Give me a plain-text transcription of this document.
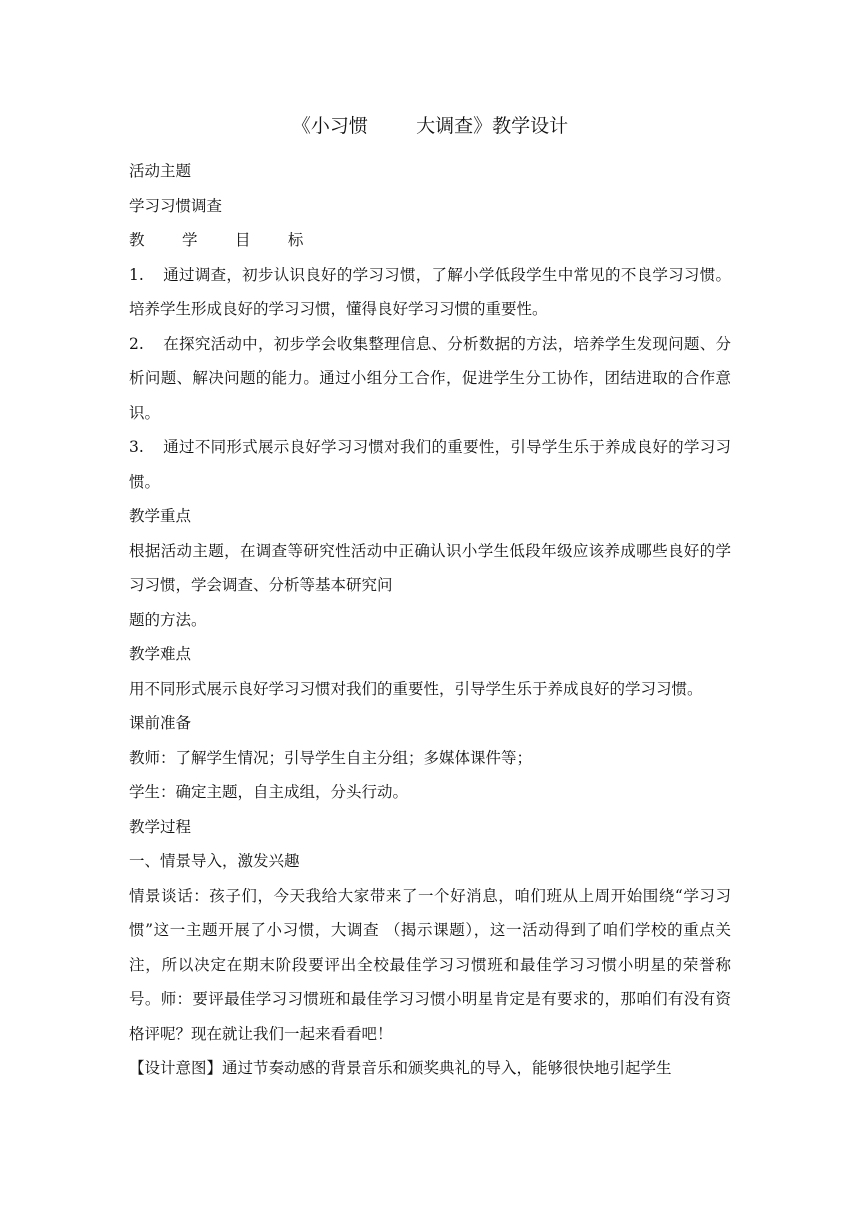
《小习惯        大调查》教学设计

活动主题

学习习惯调查

教 学 目 标

1. 通过调查，初步认识良好的学习习惯，了解小学低段学生中常见的不良学习习惯。培养学生形成良好的学习习惯，懂得良好学习习惯的重要性。

2. 在探究活动中，初步学会收集整理信息、分析数据的方法，培养学生发现问题、分析问题、解决问题的能力。通过小组分工合作，促进学生分工协作，团结进取的合作意识。

3. 通过不同形式展示良好学习习惯对我们的重要性，引导学生乐于养成良好的学习习惯。

教学重点

根据活动主题，在调查等研究性活动中正确认识小学生低段年级应该养成哪些良好的学习习惯，学会调查、分析等基本研究问

题的方法。

教学难点

用不同形式展示良好学习习惯对我们的重要性，引导学生乐于养成良好的学习习惯。

课前准备

教师：了解学生情况；引导学生自主分组；多媒体课件等；

学生：确定主题，自主成组，分头行动。

教学过程

一、情景导入，激发兴趣

情景谈话：孩子们，今天我给大家带来了一个好消息，咱们班从上周开始围绕“学习习惯”这一主题开展了小习惯，大调查 （揭示课题），这一活动得到了咱们学校的重点关注，所以决定在期末阶段要评出全校最佳学习习惯班和最佳学习习惯小明星的荣誉称号。师：要评最佳学习习惯班和最佳学习习惯小明星肯定是有要求的，那咱们有没有资格评呢？现在就让我们一起来看看吧！

【设计意图】通过节奏动感的背景音乐和颁奖典礼的导入，能够很快地引起学生
